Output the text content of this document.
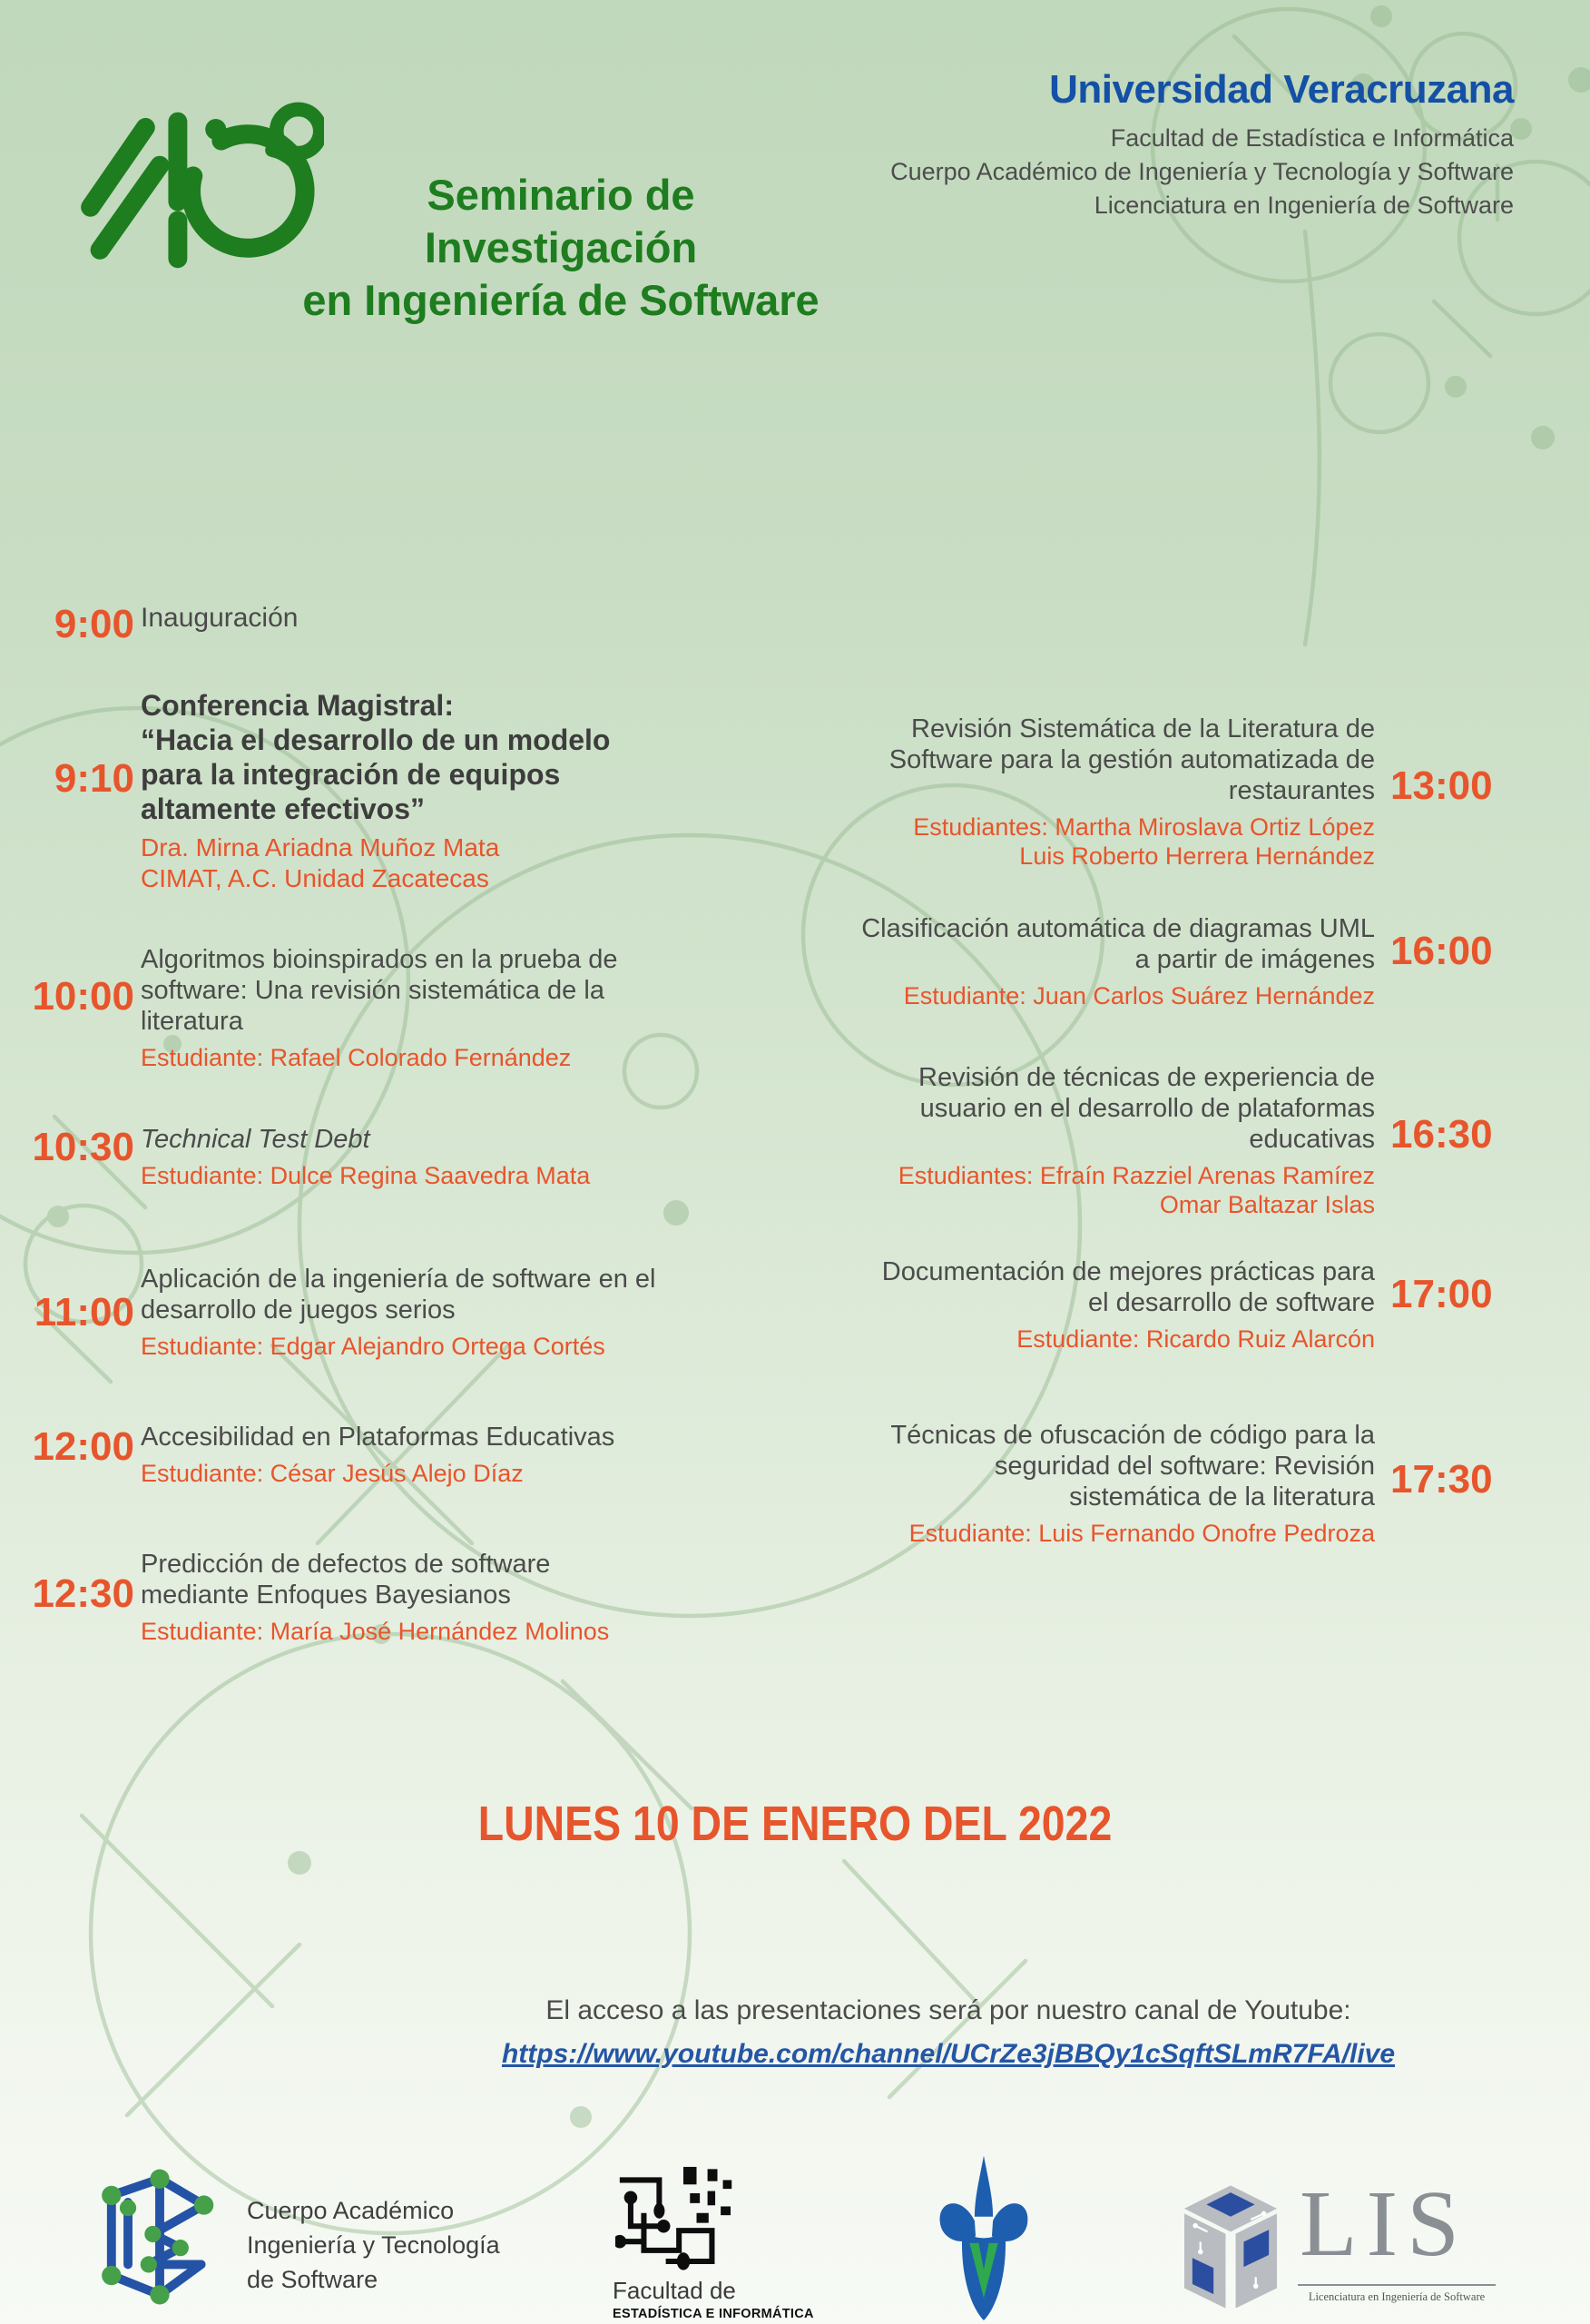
Universidad Veracruzana
Facultad de Estadística e Informática
Cuerpo Académico de Ingeniería y Tecnología y Software
Licenciatura en Ingeniería de Software
Seminario de Investigación
en Ingeniería de Software
9:00 Inauguración
9:10
Conferencia Magistral:
“Hacia el desarrollo de un modelo para la integración de equipos altamente efectivos”
Dra. Mirna Ariadna Muñoz Mata
CIMAT, A.C. Unidad Zacatecas
10:00
Algoritmos bioinspirados en la prueba de software: Una revisión sistemática de la literatura
Estudiante: Rafael Colorado Fernández
10:30 Technical Test Debt
Estudiante: Dulce Regina Saavedra Mata
11:00
Aplicación de la ingeniería de software en el desarrollo de juegos serios
Estudiante: Edgar Alejandro Ortega Cortés
12:00 Accesibilidad en Plataformas Educativas
Estudiante: César Jesús Alejo Díaz
12:30
Predicción de defectos de software mediante Enfoques Bayesianos
Estudiante: María José Hernández Molinos
13:00
Revisión Sistemática de la Literatura de Software para la gestión automatizada de restaurantes
Estudiantes: Martha Miroslava Ortiz López
Luis Roberto Herrera Hernández
16:00
Clasificación automática de diagramas UML a partir de imágenes
Estudiante: Juan Carlos Suárez Hernández
16:30
Revisión de técnicas de experiencia de usuario en el desarrollo de plataformas educativas
Estudiantes: Efraín Razziel Arenas Ramírez
Omar Baltazar Islas
17:00
Documentación de mejores prácticas para el desarrollo de software
Estudiante: Ricardo Ruiz Alarcón
17:30
Técnicas de ofuscación de código para la seguridad del software: Revisión sistemática de la literatura
Estudiante: Luis Fernando Onofre Pedroza
LUNES 10 DE ENERO DEL 2022
El acceso a las presentaciones será por nuestro canal de Youtube:
https://www.youtube.com/channel/UCrZe3jBBQy1cSqftSLmR7FA/live
Cuerpo Académico
Ingeniería y Tecnología
de Software	Facultad de
ESTADÍSTICA E INFORMÁTICA
LIS
Licenciatura en Ingeniería de Software
